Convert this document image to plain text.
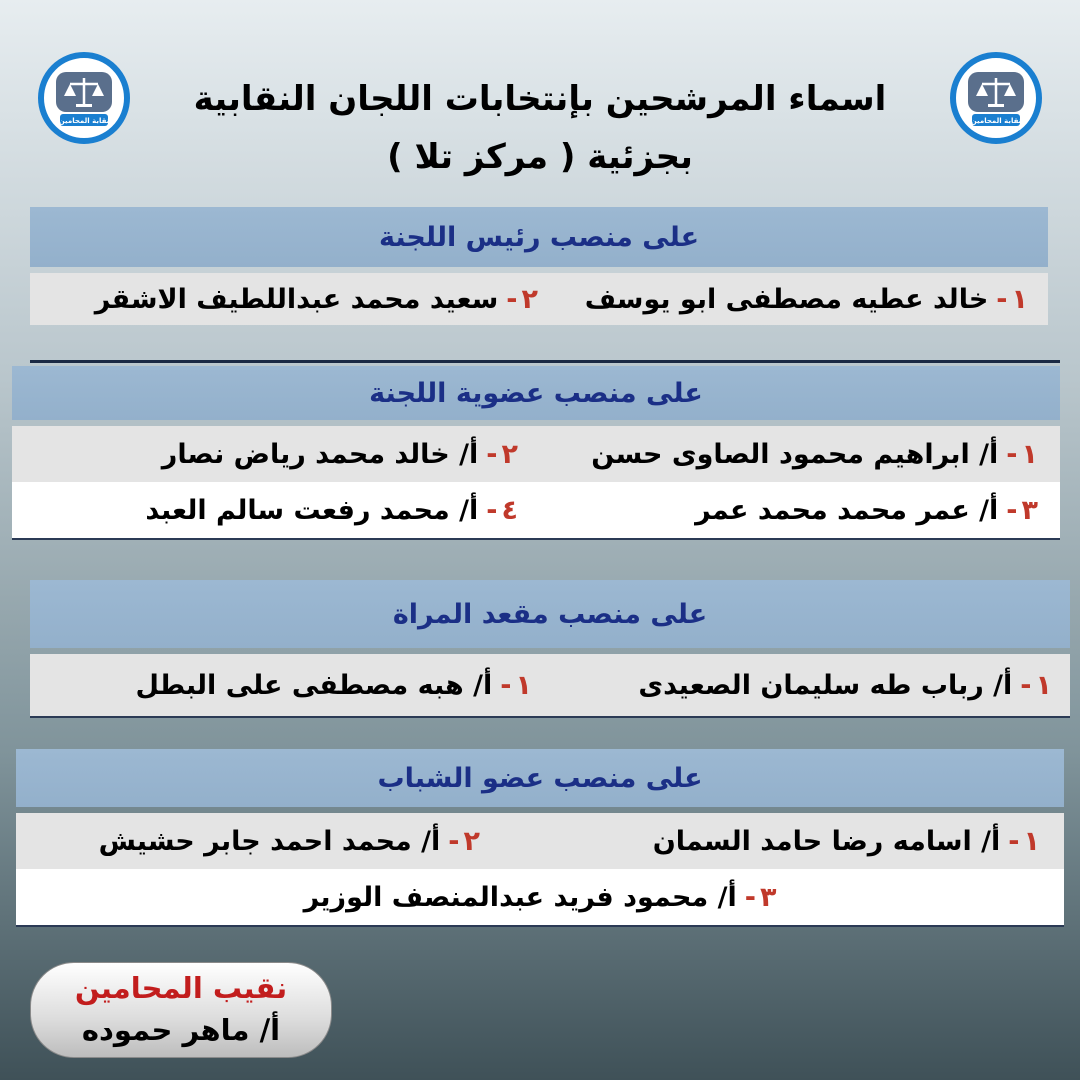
نقابة المحامين	نقابة المحامين
اسماء المرشحين بإنتخابات اللجان النقابية
بجزئية ( مركز تلا )
على منصب رئيس اللجنة
١
-
خالد عطيه مصطفى ابو يوسف
٢
-
سعيد محمد عبداللطيف الاشقر
على منصب عضوية اللجنة
١
-
أ/ ابراهيم محمود الصاوى حسن
٢
-
أ/ خالد محمد رياض نصار
٣
-
أ/ عمر محمد محمد عمر
٤
-
أ/ محمد رفعت سالم العبد
على منصب مقعد المراة
١
-
أ/ رباب طه سليمان الصعيدى
١
-
أ/ هبه مصطفى على البطل
على منصب عضو الشباب
١
-
أ/ اسامه رضا حامد السمان
٢
-
أ/ محمد احمد جابر حشيش
٣
-
أ/ محمود فريد عبدالمنصف الوزير
نقيب المحامين
أ/ ماهر حموده
